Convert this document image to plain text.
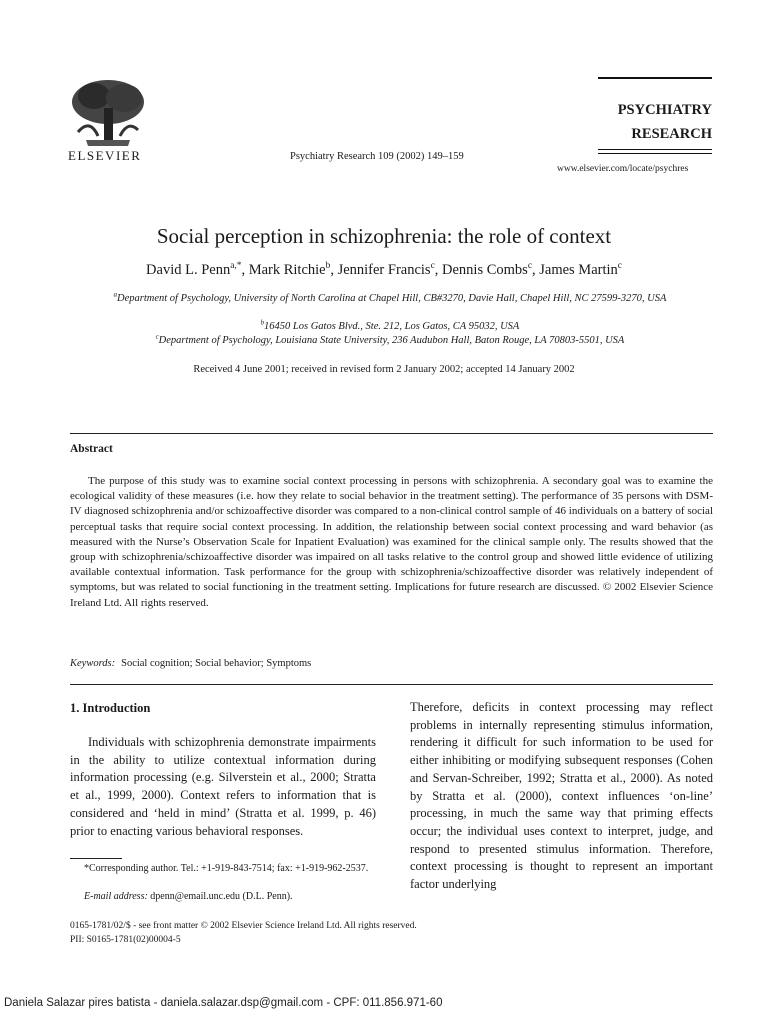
ELSEVIER	Psychiatry Research 109 (2002) 149–159
PSYCHIATRY
RESEARCH
www.elsevier.com/locate/psychres
Social perception in schizophrenia: the role of context
David L. Penn$^{a,*}$, Mark Ritchie$^b$, Jennifer Francis$^c$, Dennis Combs$^c$, James Martin$^c$
$^a$Department of Psychology, University of North Carolina at Chapel Hill, CB#3270, Davie Hall, Chapel Hill, NC 27599-3270, USA
$^b$16450 Los Gatos Blvd., Ste. 212, Los Gatos, CA 95032, USA
$^c$Department of Psychology, Louisiana State University, 236 Audubon Hall, Baton Rouge, LA 70803-5501, USA
Received 4 June 2001; received in revised form 2 January 2002; accepted 14 January 2002
Abstract
The purpose of this study was to examine social context processing in persons with schizophrenia. A secondary goal was to examine the ecological validity of these measures (i.e. how they relate to social behavior in the treatment setting). The performance of 35 persons with DSM-IV diagnosed schizophrenia and/or schizoaffective disorder was compared to a non-clinical control sample of 46 individuals on a battery of social perceptual tasks that require social context processing. In addition, the relationship between social context processing and ward behavior (as measured with the Nurse’s Observation Scale for Inpatient Evaluation) was examined for the clinical sample only. The results showed that the group with schizophrenia/schizoaffective disorder was impaired on all tasks relative to the control group and showed little evidence of utilizing available contextual information. Task performance for the group with schizophrenia/schizoaffective disorder was relatively independent of symptoms, but was related to social functioning in the treatment setting. Implications for future research are discussed. © 2002 Elsevier Science Ireland Ltd. All rights reserved.
Keywords: Social cognition; Social behavior; Symptoms
1. Introduction
Individuals with schizophrenia demonstrate impairments in the ability to utilize contextual information during information processing (e.g. Silverstein et al., 2000; Stratta et al., 1999, 2000). Context refers to information that is considered and ‘held in mind’ (Stratta et al. 1999, p. 46) prior to enacting various behavioral responses.
Therefore, deficits in context processing may reflect problems in internally representing stimulus information, rendering it difficult for such information to be used for either inhibiting or modifying subsequent responses (Cohen and Servan-Schreiber, 1992; Stratta et al., 2000). As noted by Stratta et al. (2000), context influences ‘on-line’ processing, in much the same way that priming effects occur; the individual uses context to interpret, judge, and respond to presented stimulus information. Therefore, context processing is thought to represent an important factor underlying
*Corresponding author. Tel.: +1-919-843-7514; fax: +1-919-962-2537.
E-mail address: dpenn@email.unc.edu (D.L. Penn).
0165-1781/02/$ - see front matter © 2002 Elsevier Science Ireland Ltd. All rights reserved.
PII: S0165-1781(02)00004-5
Daniela Salazar pires batista - daniela.salazar.dsp@gmail.com - CPF: 011.856.971-60
